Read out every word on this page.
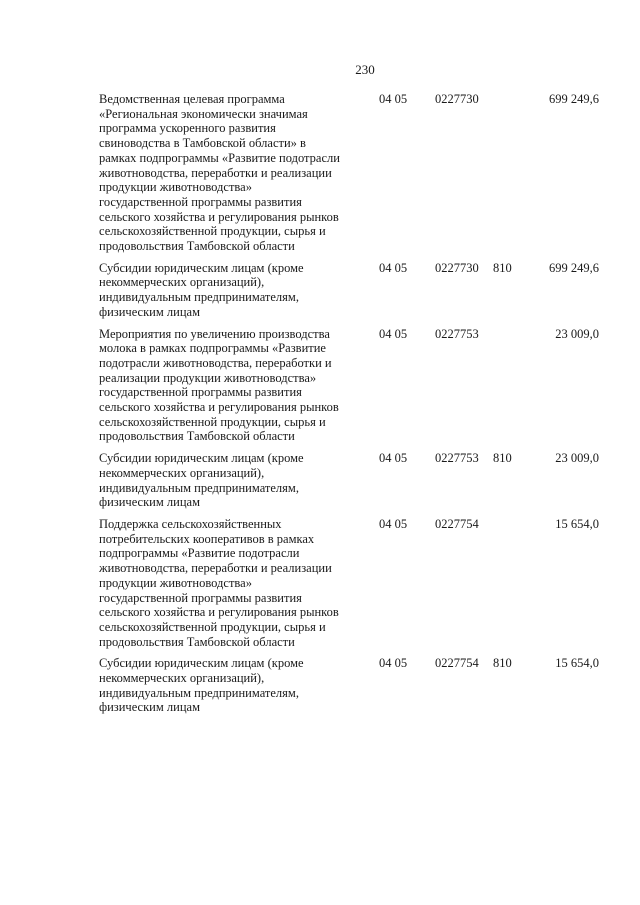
230
Ведомственная целевая программа
«Региональная экономически значимая
программа ускоренного развития
свиноводства в Тамбовской области» в
рамках подпрограммы «Развитие подотрасли
животноводства, переработки и реализации
продукции животноводства»
государственной программы развития
сельского хозяйства и регулирования рынков
сельскохозяйственной продукции, сырья и
продовольствия Тамбовской области
04 05 0227730	699 249,6
Субсидии юридическим лицам (кроме
некоммерческих организаций),
индивидуальным предпринимателям,
физическим лицам
04 05 0227730 810	699 249,6
Мероприятия по увеличению производства
молока в рамках подпрограммы «Развитие
подотрасли животноводства, переработки и
реализации продукции животноводства»
государственной программы развития
сельского хозяйства и регулирования рынков
сельскохозяйственной продукции, сырья и
продовольствия Тамбовской области
04 05 0227753	23 009,0
Субсидии юридическим лицам (кроме
некоммерческих организаций),
индивидуальным предпринимателям,
физическим лицам
04 05 0227753 810	23 009,0
Поддержка сельскохозяйственных
потребительских кооперативов в рамках
подпрограммы «Развитие подотрасли
животноводства, переработки и реализации
продукции животноводства»
государственной программы развития
сельского хозяйства и регулирования рынков
сельскохозяйственной продукции, сырья и
продовольствия Тамбовской области
04 05 0227754	15 654,0
Субсидии юридическим лицам (кроме
некоммерческих организаций),
индивидуальным предпринимателям,
физическим лицам
04 05 0227754 810	15 654,0
